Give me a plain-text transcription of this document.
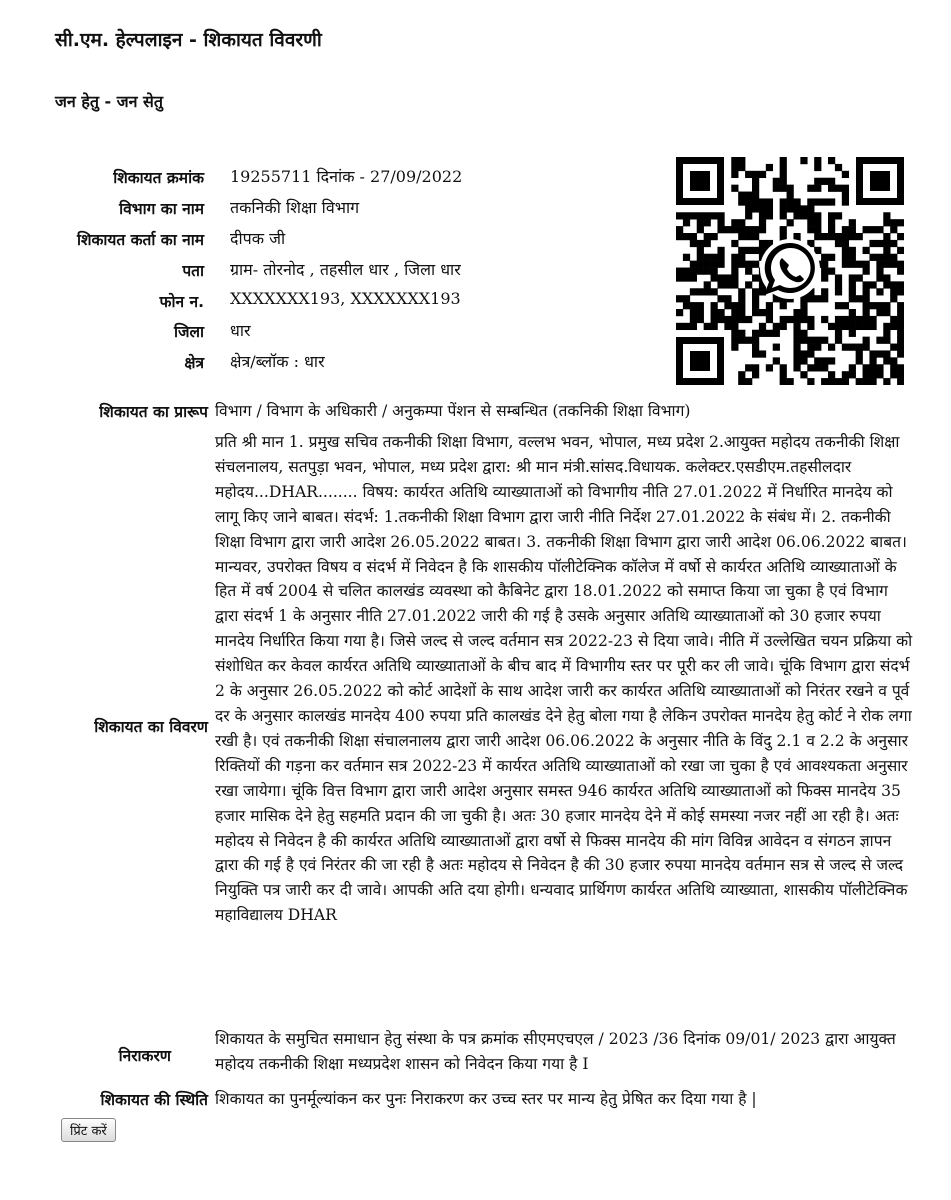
सी.एम. हेल्पलाइन - शिकायत विवरणी
जन हेतु - जन सेतु
शिकायत क्रमांक 19255711 दिनांक - 27/09/2022
विभाग का नाम तकनिकी शिक्षा विभाग
शिकायत कर्ता का नाम दीपक जी
पता ग्राम- तोरनोद , तहसील धार , जिला धार
फोन न. XXXXXXX193, XXXXXXX193
जिला धार
क्षेत्र क्षेत्र/ब्लॉक : धार
शिकायत का प्रारूप विभाग / विभाग के अधिकारी / अनुकम्पा पेंशन से सम्बन्धित (तकनिकी शिक्षा विभाग)
शिकायत का विवरण
प्रति श्री मान 1. प्रमुख सचिव तकनीकी शिक्षा विभाग, वल्लभ भवन, भोपाल, मध्य प्रदेश 2.आयुक्त महोदय तकनीकी शिक्षा संचलनालय, सतपुड़ा भवन, भोपाल, मध्य प्रदेश द्वारा: श्री मान मंत्री.सांसद.विधायक. कलेक्टर.एसडीएम.तहसीलदार महोदय...DHAR........ विषय: कार्यरत अतिथि व्याख्याताओं को विभागीय नीति 27.01.2022 में निर्धारित मानदेय को लागू किए जाने बाबत। संदर्भ: 1.तकनीकी शिक्षा विभाग द्वारा जारी नीति निर्देश 27.01.2022 के संबंध में। 2. तकनीकी शिक्षा विभाग द्वारा जारी आदेश 26.05.2022 बाबत। 3. तकनीकी शिक्षा विभाग द्वारा जारी आदेश 06.06.2022 बाबत। मान्यवर, उपरोक्त विषय व संदर्भ में निवेदन है कि शासकीय पॉलीटेक्निक कॉलेज में वर्षो से कार्यरत अतिथि व्याख्याताओं के हित में वर्ष 2004 से चलित कालखंड व्यवस्था को कैबिनेट द्वारा 18.01.2022 को समाप्त किया जा चुका है एवं विभाग द्वारा संदर्भ 1 के अनुसार नीति 27.01.2022 जारी की गई है उसके अनुसार अतिथि व्याख्याताओं को 30 हजार रुपया मानदेय निर्धारित किया गया है। जिसे जल्द से जल्द वर्तमान सत्र 2022-23 से दिया जावे। नीति में उल्लेखित चयन प्रक्रिया को संशोधित कर केवल कार्यरत अतिथि व्याख्याताओं के बीच बाद में विभागीय स्तर पर पूरी कर ली जावे। चूंकि विभाग द्वारा संदर्भ 2 के अनुसार 26.05.2022 को कोर्ट आदेशों के साथ आदेश जारी कर कार्यरत अतिथि व्याख्याताओं को निरंतर रखने व पूर्व दर के अनुसार कालखंड मानदेय 400 रुपया प्रति कालखंड देने हेतु बोला गया है लेकिन उपरोक्त मानदेय हेतु कोर्ट ने रोक लगा रखी है। एवं तकनीकी शिक्षा संचालनालय द्वारा जारी आदेश 06.06.2022 के अनुसार नीति के विंदु 2.1 व 2.2 के अनुसार रिक्तियों की गड़ना कर वर्तमान सत्र 2022-23 में कार्यरत अतिथि व्याख्याताओं को रखा जा चुका है एवं आवश्यकता अनुसार रखा जायेगा। चूंकि वित्त विभाग द्वारा जारी आदेश अनुसार समस्त 946 कार्यरत अतिथि व्याख्याताओं को फिक्स मानदेय 35 हजार मासिक देने हेतु सहमति प्रदान की जा चुकी है। अतः 30 हजार मानदेय देने में कोई समस्या नजर नहीं आ रही है। अतः महोदय से निवेदन है की कार्यरत अतिथि व्याख्याताओं द्वारा वर्षो से फिक्स मानदेय की मांग विविन्न आवेदन व संगठन ज्ञापन द्वारा की गई है एवं निरंतर की जा रही है अतः महोदय से निवेदन है की 30 हजार रुपया मानदेय वर्तमान सत्र से जल्द से जल्द नियुक्ति पत्र जारी कर दी जावे। आपकी अति दया होगी। धन्यवाद प्रार्थिगण कार्यरत अतिथि व्याख्याता, शासकीय पॉलीटेक्निक महाविद्यालय DHAR
निराकरण
शिकायत के समुचित समाधान हेतु संस्था के पत्र क्रमांक सीएमएचएल / 2023 /36 दिनांक 09/01/ 2023 द्वारा आयुक्त महोदय तकनीकी शिक्षा मध्यप्रदेश शासन को निवेदन किया गया है I
शिकायत की स्थिति शिकायत का पुनर्मूल्यांकन कर पुनः निराकरण कर उच्च स्तर पर मान्य हेतु प्रेषित कर दिया गया है |
प्रिंट करें
